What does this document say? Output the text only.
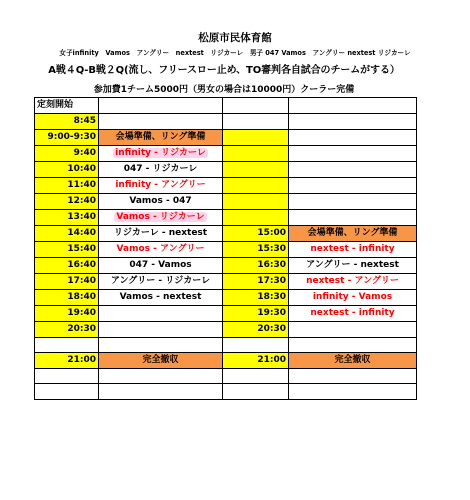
松原市民体育館
女子infinity　Vamos　アングリー　nextest　リジカーレ　男子 047 Vamos　アングリー nextest リジカーレ
A戦４Q-B戦２Q(流し、フリースロー止め、TO審判各自試合のチームがする）
参加費1チーム5000円（男女の場合は10000円）クーラー完備
定刻開始			
8:45			
9:00-9:30	会場準備、リング準備		
9:40	infinity - リジカーレ		
10:40	047 - リジカーレ		
11:40	infinity - アングリー		
12:40	Vamos - 047		
13:40	Vamos - リジカーレ		
14:40	リジカーレ - nextest	15:00	会場準備、リング準備
15:40	Vamos - アングリー	15:30	nextest - infinity
16:40	047 - Vamos	16:30	アングリー - nextest
17:40	アングリー - リジカーレ	17:30	nextest - アングリー
18:40	Vamos - nextest	18:30	infinity - Vamos
19:40		19:30	nextest - infinity
20:30		20:30	

21:00	完全撤収	21:00	完全撤収
